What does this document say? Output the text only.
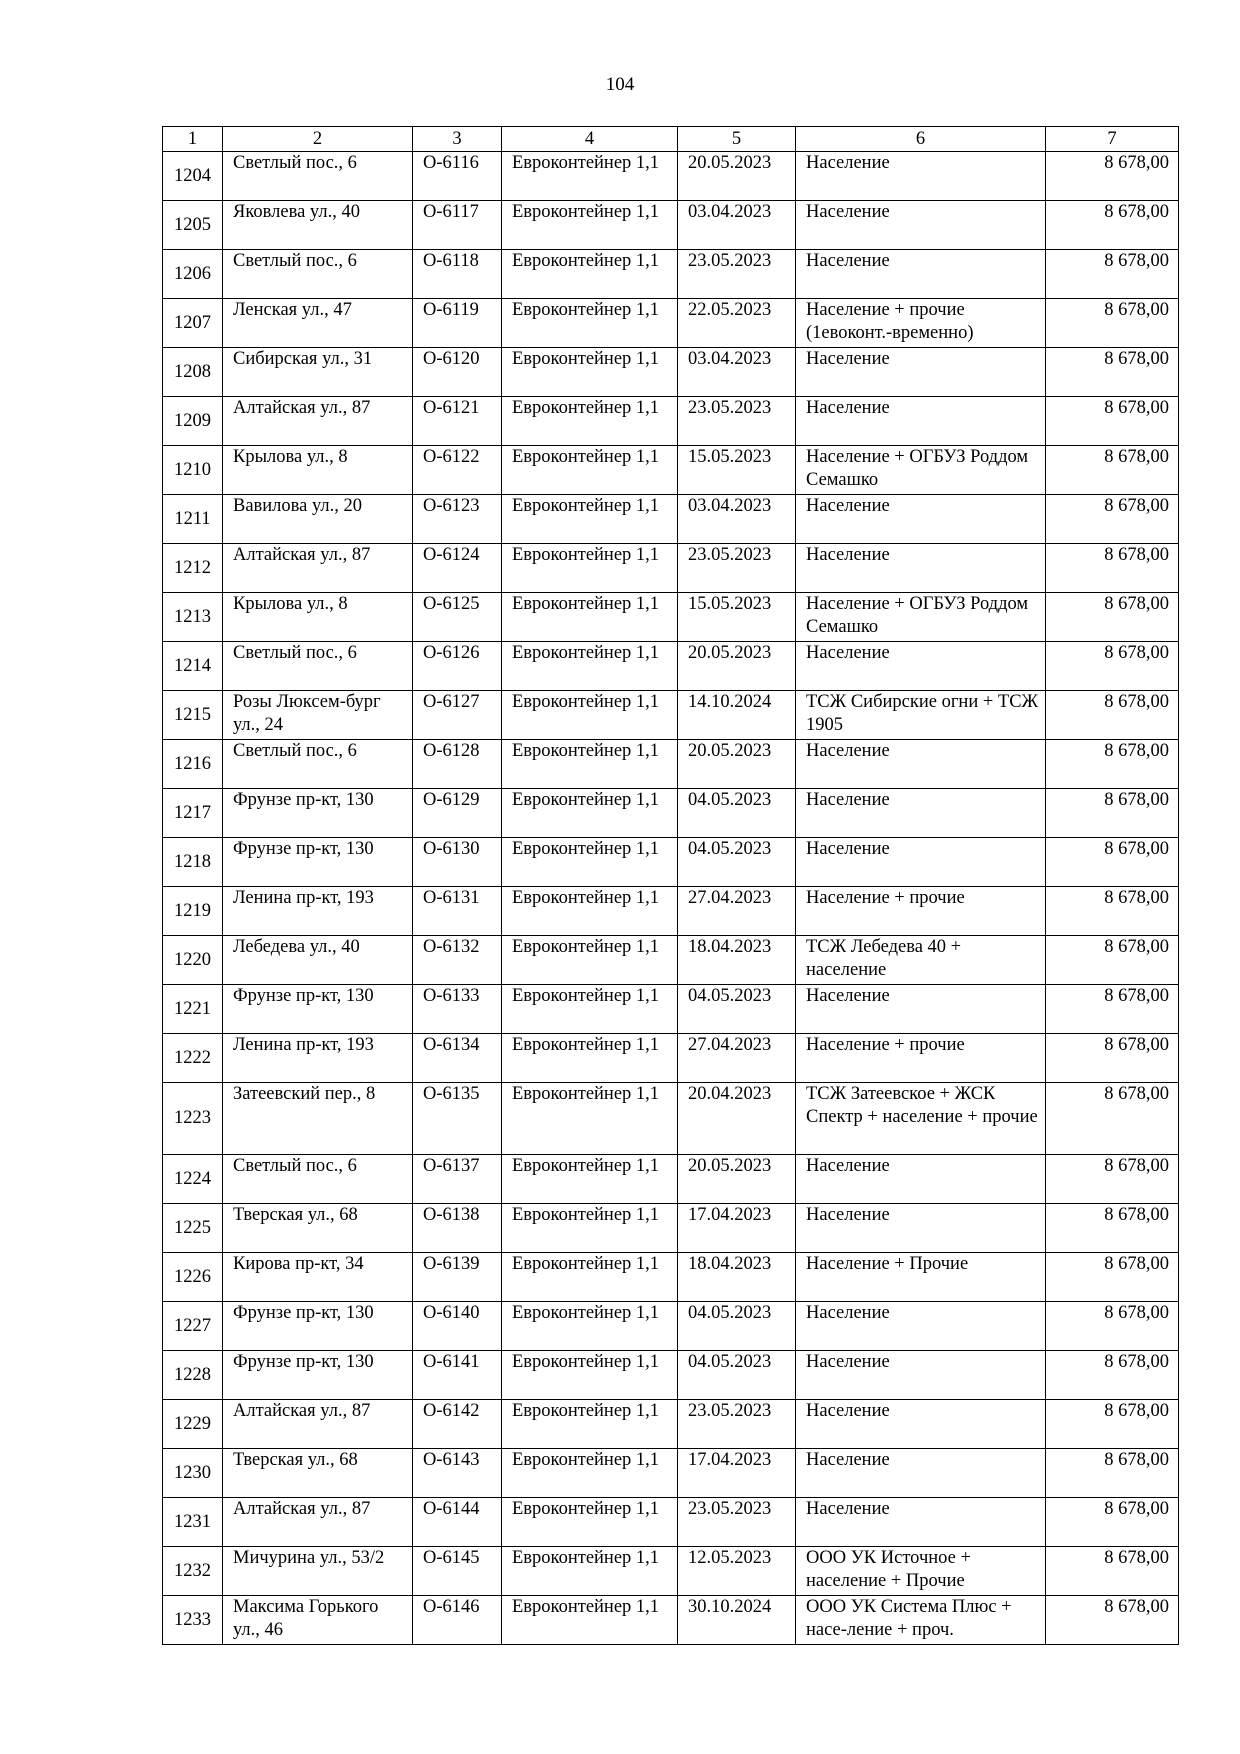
104
1	2	3	4	5	6	7
1204	Светлый пос., 6	О-6116	Евроконтейнер 1,1	20.05.2023	Население	8 678,00
1205	Яковлева ул., 40	О-6117	Евроконтейнер 1,1	03.04.2023	Население	8 678,00
1206	Светлый пос., 6	О-6118	Евроконтейнер 1,1	23.05.2023	Население	8 678,00
1207	Ленская ул., 47	О-6119	Евроконтейнер 1,1	22.05.2023	Население + прочие (1евоконт.-временно)	8 678,00
1208	Сибирская ул., 31	О-6120	Евроконтейнер 1,1	03.04.2023	Население	8 678,00
1209	Алтайская ул., 87	О-6121	Евроконтейнер 1,1	23.05.2023	Население	8 678,00
1210	Крылова ул., 8	О-6122	Евроконтейнер 1,1	15.05.2023	Население + ОГБУЗ Роддом Семашко	8 678,00
1211	Вавилова ул., 20	О-6123	Евроконтейнер 1,1	03.04.2023	Население	8 678,00
1212	Алтайская ул., 87	О-6124	Евроконтейнер 1,1	23.05.2023	Население	8 678,00
1213	Крылова ул., 8	О-6125	Евроконтейнер 1,1	15.05.2023	Население + ОГБУЗ Роддом Семашко	8 678,00
1214	Светлый пос., 6	О-6126	Евроконтейнер 1,1	20.05.2023	Население	8 678,00
1215	Розы Люксем-бург ул., 24	О-6127	Евроконтейнер 1,1	14.10.2024	ТСЖ Сибирские огни + ТСЖ 1905	8 678,00
1216	Светлый пос., 6	О-6128	Евроконтейнер 1,1	20.05.2023	Население	8 678,00
1217	Фрунзе пр-кт, 130	О-6129	Евроконтейнер 1,1	04.05.2023	Население	8 678,00
1218	Фрунзе пр-кт, 130	О-6130	Евроконтейнер 1,1	04.05.2023	Население	8 678,00
1219	Ленина пр-кт, 193	О-6131	Евроконтейнер 1,1	27.04.2023	Население + прочие	8 678,00
1220	Лебедева ул., 40	О-6132	Евроконтейнер 1,1	18.04.2023	ТСЖ Лебедева 40 + население	8 678,00
1221	Фрунзе пр-кт, 130	О-6133	Евроконтейнер 1,1	04.05.2023	Население	8 678,00
1222	Ленина пр-кт, 193	О-6134	Евроконтейнер 1,1	27.04.2023	Население + прочие	8 678,00
1223	Затеевский пер., 8	О-6135	Евроконтейнер 1,1	20.04.2023	ТСЖ Затеевское + ЖСК Спектр + население + прочие	8 678,00
1224	Светлый пос., 6	О-6137	Евроконтейнер 1,1	20.05.2023	Население	8 678,00
1225	Тверская ул., 68	О-6138	Евроконтейнер 1,1	17.04.2023	Население	8 678,00
1226	Кирова пр-кт, 34	О-6139	Евроконтейнер 1,1	18.04.2023	Население + Прочие	8 678,00
1227	Фрунзе пр-кт, 130	О-6140	Евроконтейнер 1,1	04.05.2023	Население	8 678,00
1228	Фрунзе пр-кт, 130	О-6141	Евроконтейнер 1,1	04.05.2023	Население	8 678,00
1229	Алтайская ул., 87	О-6142	Евроконтейнер 1,1	23.05.2023	Население	8 678,00
1230	Тверская ул., 68	О-6143	Евроконтейнер 1,1	17.04.2023	Население	8 678,00
1231	Алтайская ул., 87	О-6144	Евроконтейнер 1,1	23.05.2023	Население	8 678,00
1232	Мичурина ул., 53/2	О-6145	Евроконтейнер 1,1	12.05.2023	ООО УК Источное + население + Прочие	8 678,00
1233	Максима Горького ул., 46	О-6146	Евроконтейнер 1,1	30.10.2024	ООО УК Система Плюс + насе-ление + проч.	8 678,00
